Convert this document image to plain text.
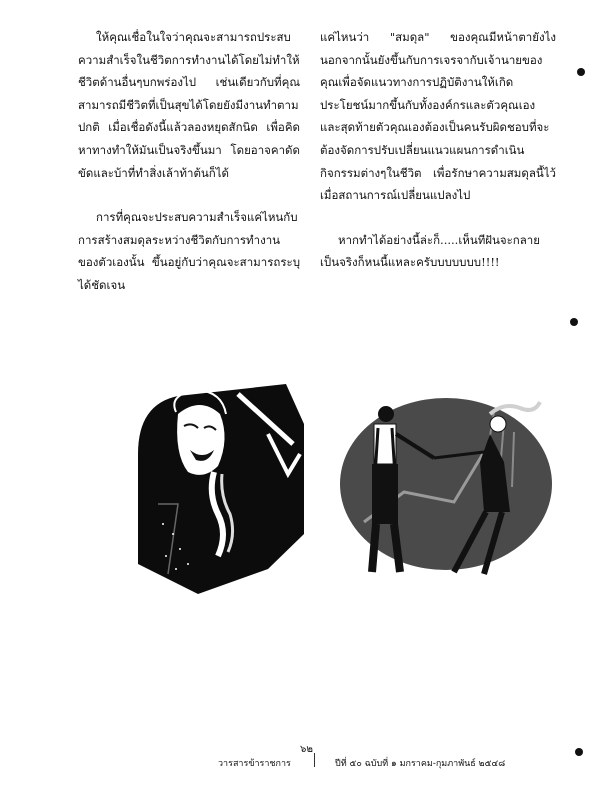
ให้คุณเชื่อในใจว่าคุณจะสามารถประสบความสำเร็จในชีวิตการทำงานได้โดยไม่ทำให้ชีวิตด้านอื่นๆบกพร่องไป เช่นเดียวกับที่คุณสามารถมีชีวิตที่เป็นสุขได้โดยยังมีงานทำตามปกติ เมื่อเชื่อดังนี้แล้วลองหยุดสักนิด เพื่อคิดหาทางทำให้มันเป็นจริงขึ้นมา โดยอาจคาดัดขัดและบ้าที่ทำสิ่งเล้าท้าต้นก็ได้

การที่คุณจะประสบความสำเร็จแค่ไหนกับการสร้างสมดุลระหว่างชีวิตกับการทำงานของตัวเองนั้น ขึ้นอยู่กับว่าคุณจะสามารถระบุได้ชัดเจน

แค่ไหนว่า "สมดุล" ของคุณมีหน้าตายังไง นอกจากนั้นยังขึ้นกับการเจรจากับเจ้านายของคุณเพื่อจัดแนวทางการปฏิบัติงานให้เกิดประโยชน์มากขึ้นกับทั้งองค์กรและตัวคุณเอง และสุดท้ายตัวคุณเองต้องเป็นคนรับผิดชอบที่จะต้องจัดการปรับเปลี่ยนแนวแผนการดำเนินกิจกรรมต่างๆในชีวิต เพื่อรักษาความสมดุลนี้ไว้เมื่อสถานการณ์เปลี่ยนแปลงไป

หากทำได้อย่างนี้ล่ะก็.....เห็นทีฝันจะกลายเป็นจริงก็หนนี้แหละครับบบบบบบ!!!!

๖๒
วารสารข้าราชการ	ปีที่ ๕๐ ฉบับที่ ๑ มกราคม-กุมภาพันธ์ ๒๕๔๘
